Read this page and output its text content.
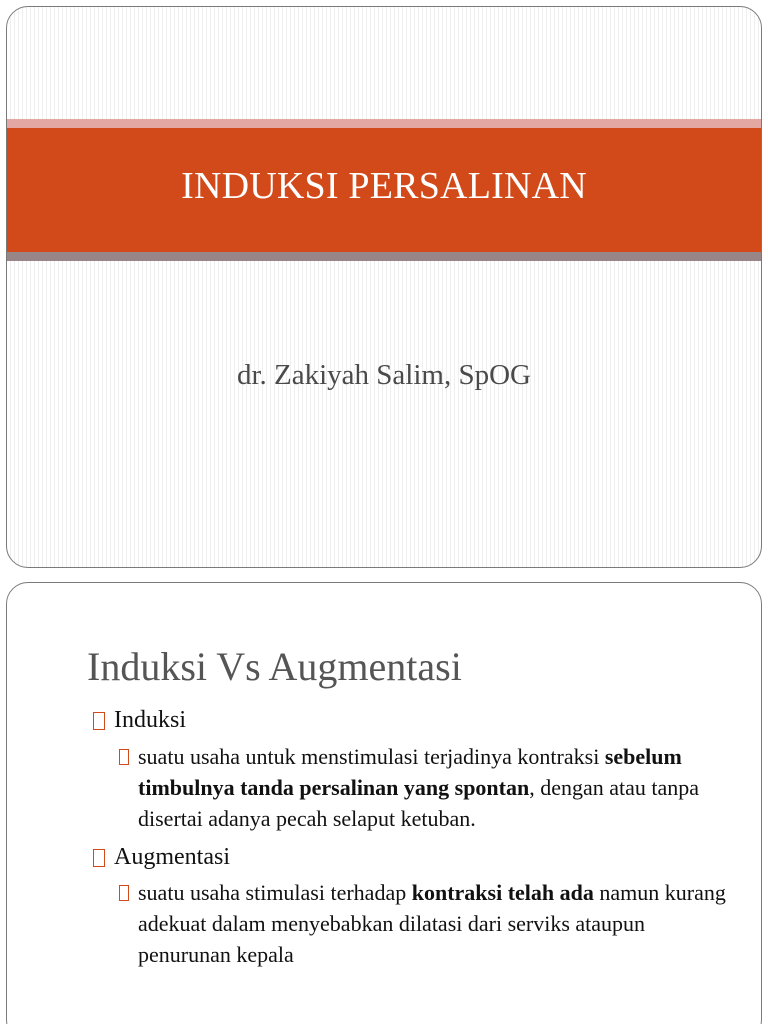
INDUKSI PERSALINAN
dr. Zakiyah Salim, SpOG
Induksi Vs Augmentasi
Induksi
suatu usaha untuk menstimulasi terjadinya kontraksi sebelum timbulnya tanda persalinan yang spontan, dengan atau tanpa disertai adanya pecah selaput ketuban.
Augmentasi
suatu usaha stimulasi terhadap kontraksi telah ada namun kurang adekuat dalam menyebabkan dilatasi dari serviks ataupun penurunan kepala
